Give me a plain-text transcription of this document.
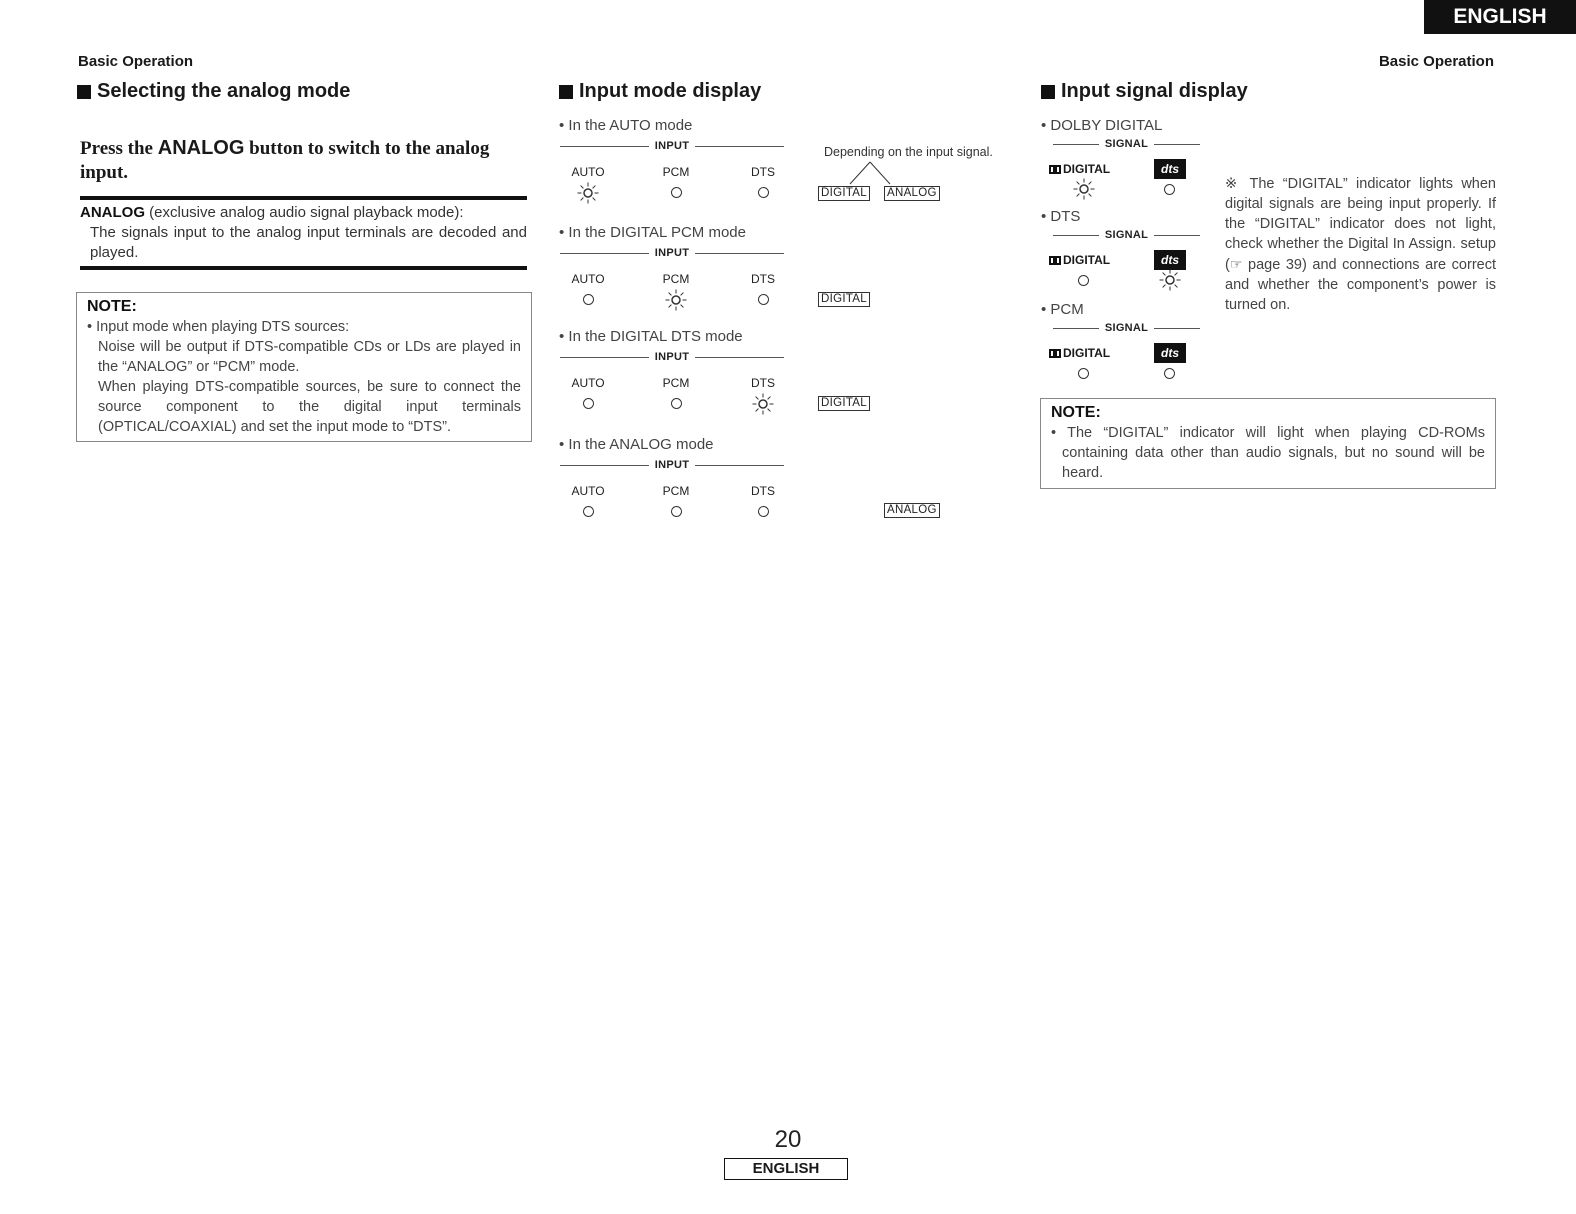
ENGLISH
Basic Operation	Basic Operation
Selecting the analog mode
Press the ANALOG button to switch to the analog input.
ANALOG (exclusive analog audio signal playback mode):
The signals input to the analog input terminals are decoded and played.
NOTE:
• Input mode when playing DTS sources:
Noise will be output if DTS-compatible CDs or LDs are played in the “ANALOG” or “PCM” mode.
When playing DTS-compatible sources, be sure to connect the source component to the digital input terminals (OPTICAL/COAXIAL) and set the input mode to “DTS”.
Input mode display
• In the AUTO mode
INPUT
AUTO	PCM	DTS
DIGITAL ANALOG
• In the DIGITAL PCM mode
INPUT
AUTO	PCM	DTS
DIGITAL
• In the DIGITAL DTS mode
INPUT
AUTO	PCM	DTS
DIGITAL
• In the ANALOG mode
INPUT
AUTO	PCM	DTS
ANALOG
Depending on the input signal.
Input signal display
• DOLBY DIGITAL
SIGNAL
DIGITAL	dts
• DTS
SIGNAL
DIGITAL	dts
• PCM
SIGNAL
DIGITAL	dts
※ The “DIGITAL” indicator lights when digital signals are being input properly. If the “DIGITAL” indicator does not light, check whether the Digital In Assign. setup (☞ page 39) and connections are correct and whether the component’s power is turned on.
NOTE:
• The “DIGITAL” indicator will light when playing CD-ROMs containing data other than audio signals, but no sound will be heard.
20
ENGLISH
